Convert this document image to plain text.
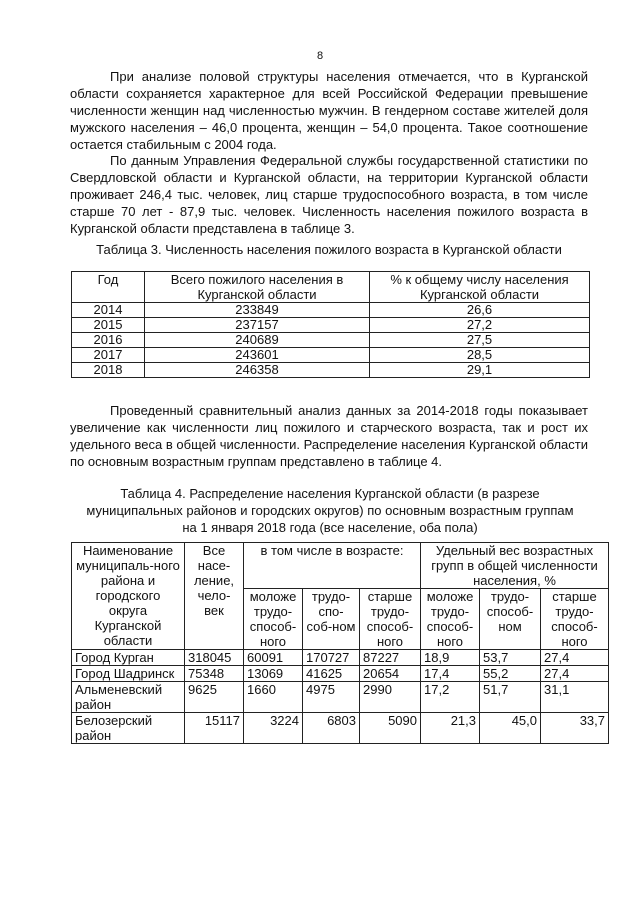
8

При анализе половой структуры населения отмечается, что в Курганской области сохраняется характерное для всей Российской Федерации превышение численности женщин над численностью мужчин. В гендерном составе жителей доля мужского населения – 46,0 процента, женщин – 54,0 процента. Такое соотношение остается стабильным с 2004 года.

По данным Управления Федеральной службы государственной статистики по Свердловской области и Курганской области, на территории Курганской области проживает 246,4 тыс. человек, лиц старше трудоспособного возраста, в том числе старше 70 лет - 87,9 тыс. человек. Численность населения пожилого возраста в Курганской области представлена в таблице 3.

Таблица 3. Численность населения пожилого возраста в Курганской области

Год	Всего пожилого населения в Курганской области	% к общему числу населения Курганской области
2014	233849	26,6
2015	237157	27,2
2016	240689	27,5
2017	243601	28,5
2018	246358	29,1

Проведенный сравнительный анализ данных за 2014-2018 годы показывает увеличение как численности лиц пожилого и старческого возраста, так и рост их удельного веса в общей численности. Распределение населения Курганской области по основным возрастным группам представлено в таблице 4.

Таблица 4. Распределение населения Курганской области (в разрезе муниципальных районов и городских округов) по основным возрастным группам на 1 января 2018 года (все население, оба пола)

Наименование муниципаль-ного района и городского округа Курганской области	Все насе-ление, чело-век	в том числе в возрасте:			Удельный вес возрастных групп в общей численности населения, %		
		моложе трудо-способ-ного	трудо-спо-соб-ном	старше трудо-способ-ного	моложе трудо-способ-ного	трудо-способ-ном	старше трудо-способ-ного
Город Курган	318045	60091	170727	87227	18,9	53,7	27,4
Город Шадринск	75348	13069	41625	20654	17,4	55,2	27,4
Альменевский район	9625	1660	4975	2990	17,2	51,7	31,1
Белозерский район	15117	3224	6803	5090	21,3	45,0	33,7
